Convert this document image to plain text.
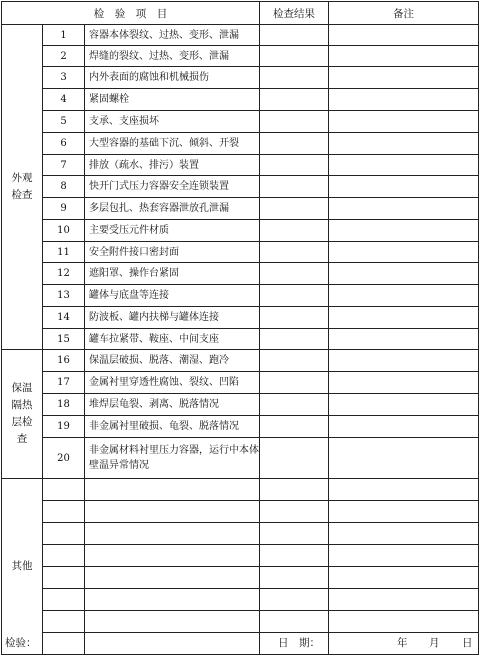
检　验　项　目			检查结果	备注
外观
检查	1	容器本体裂纹、过热、变形、泄漏		
	2	焊缝的裂纹、过热、变形、泄漏		
	3	内外表面的腐蚀和机械损伤		
	4	紧固螺栓		
	5	支承、支座损坏		
	6	大型容器的基础下沉、倾斜、开裂		
	7	排放（疏水、排污）装置		
	8	快开门式压力容器安全连锁装置		
	9	多层包扎、热套容器泄放孔泄漏		
	10	主要受压元件材质		
	11	安全附件接口密封面		
	12	遮阳罩、操作台紧固		
	13	罐体与底盘等连接		
	14	防波板、罐内扶梯与罐体连接		
	15	罐车拉紧带、鞍座、中间支座		
保温
隔热
层检
查	16	保温层破损、脱落、潮湿、跑冷		
	17	金属衬里穿透性腐蚀、裂纹、凹陷		
	18	堆焊层龟裂、剥离、脱落情况		
	19	非金属衬里破损、龟裂、脱落情况		
	20	非金属材料衬里压力容器，运行中本体壁温异常情况		
其他				

检验：	日　期：	年 月 日
